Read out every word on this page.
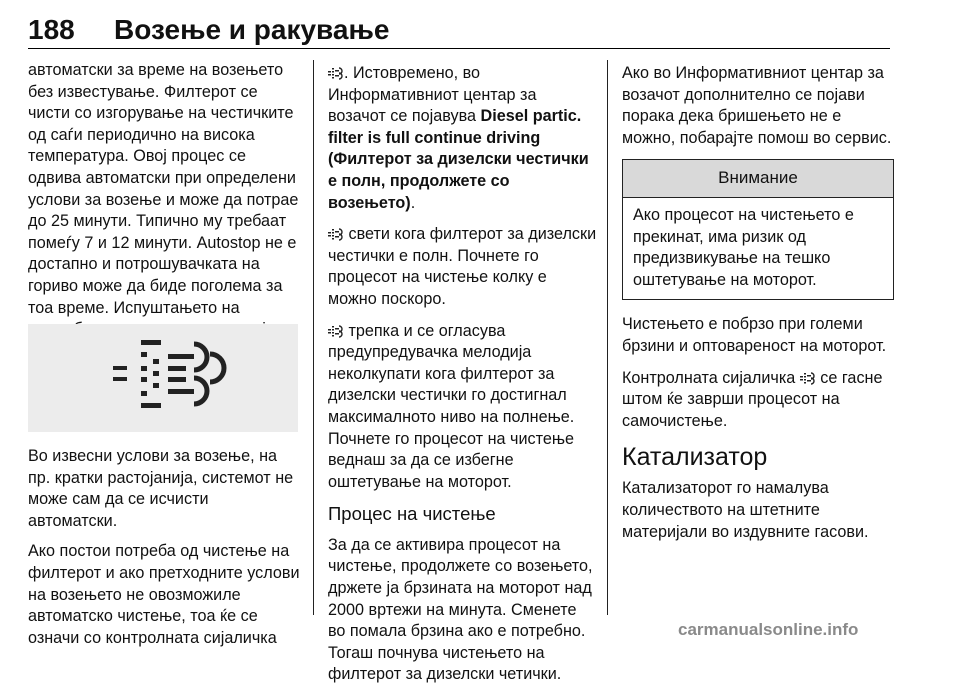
188 Возење и ракување

автоматски за време на возењето без известување. Филтерот се чисти со изгорување на честичките од саѓи периодично на висока температура. Овој процес се одвива автоматски при определени услови за возење и може да потрае до 25 минути. Типично му требаат помеѓу 7 и 12 минути. Autostop не е достапно и потрошувачката на гориво може да биде поголема за тоа време. Испуштањето на

Во извесни услови за возење, на пр. кратки растојанија, системот не може сам да се исчисти автоматски.

Ако постои потреба од чистење на филтерот и ако претходните услови на возењето не овозможиле автоматско чистење, тоа ќе се означи со контролната сијаличка

. Истовремено, во Информативниот центар за возачот се појавува Diesel partic. filter is full continue driving (Филтерот за дизелски честички е полн, продолжете со возењето).

свети кога филтерот за дизелски честички е полн. Почнете го процесот на чистење колку е можно поскоро.

трепка и се огласува предупредувачка мелодија неколкупати кога филтерот за дизелски честички го достигнал максималното ниво на полнење. Почнете го процесот на чистење веднаш за да се избегне оштетување на моторот.

Процес на чистење

За да се активира процесот на чистење, продолжете со возењето, држете ја брзината на моторот над 2000 вртежи на минута. Сменете во помала брзина ако е потребно. Тогаш почнува чистењето на филтерот за дизелски четички.

Ако во Информативниот центар за возачот дополнително се појави порака дека бришењето не е можно, побарајте помош во сервис.

Внимание
Ако процесот на чистењето е прекинат, има ризик од предизвикување на тешко оштетување на моторот.

Чистењето е побрзо при големи брзини и оптовареност на моторот.

Контролната сијаличка  се гасне штом ќе заврши процесот на самочистење.

Катализатор

Катализаторот го намалува количеството на штетните материјали во издувните гасови.

carmanualsonline.info
